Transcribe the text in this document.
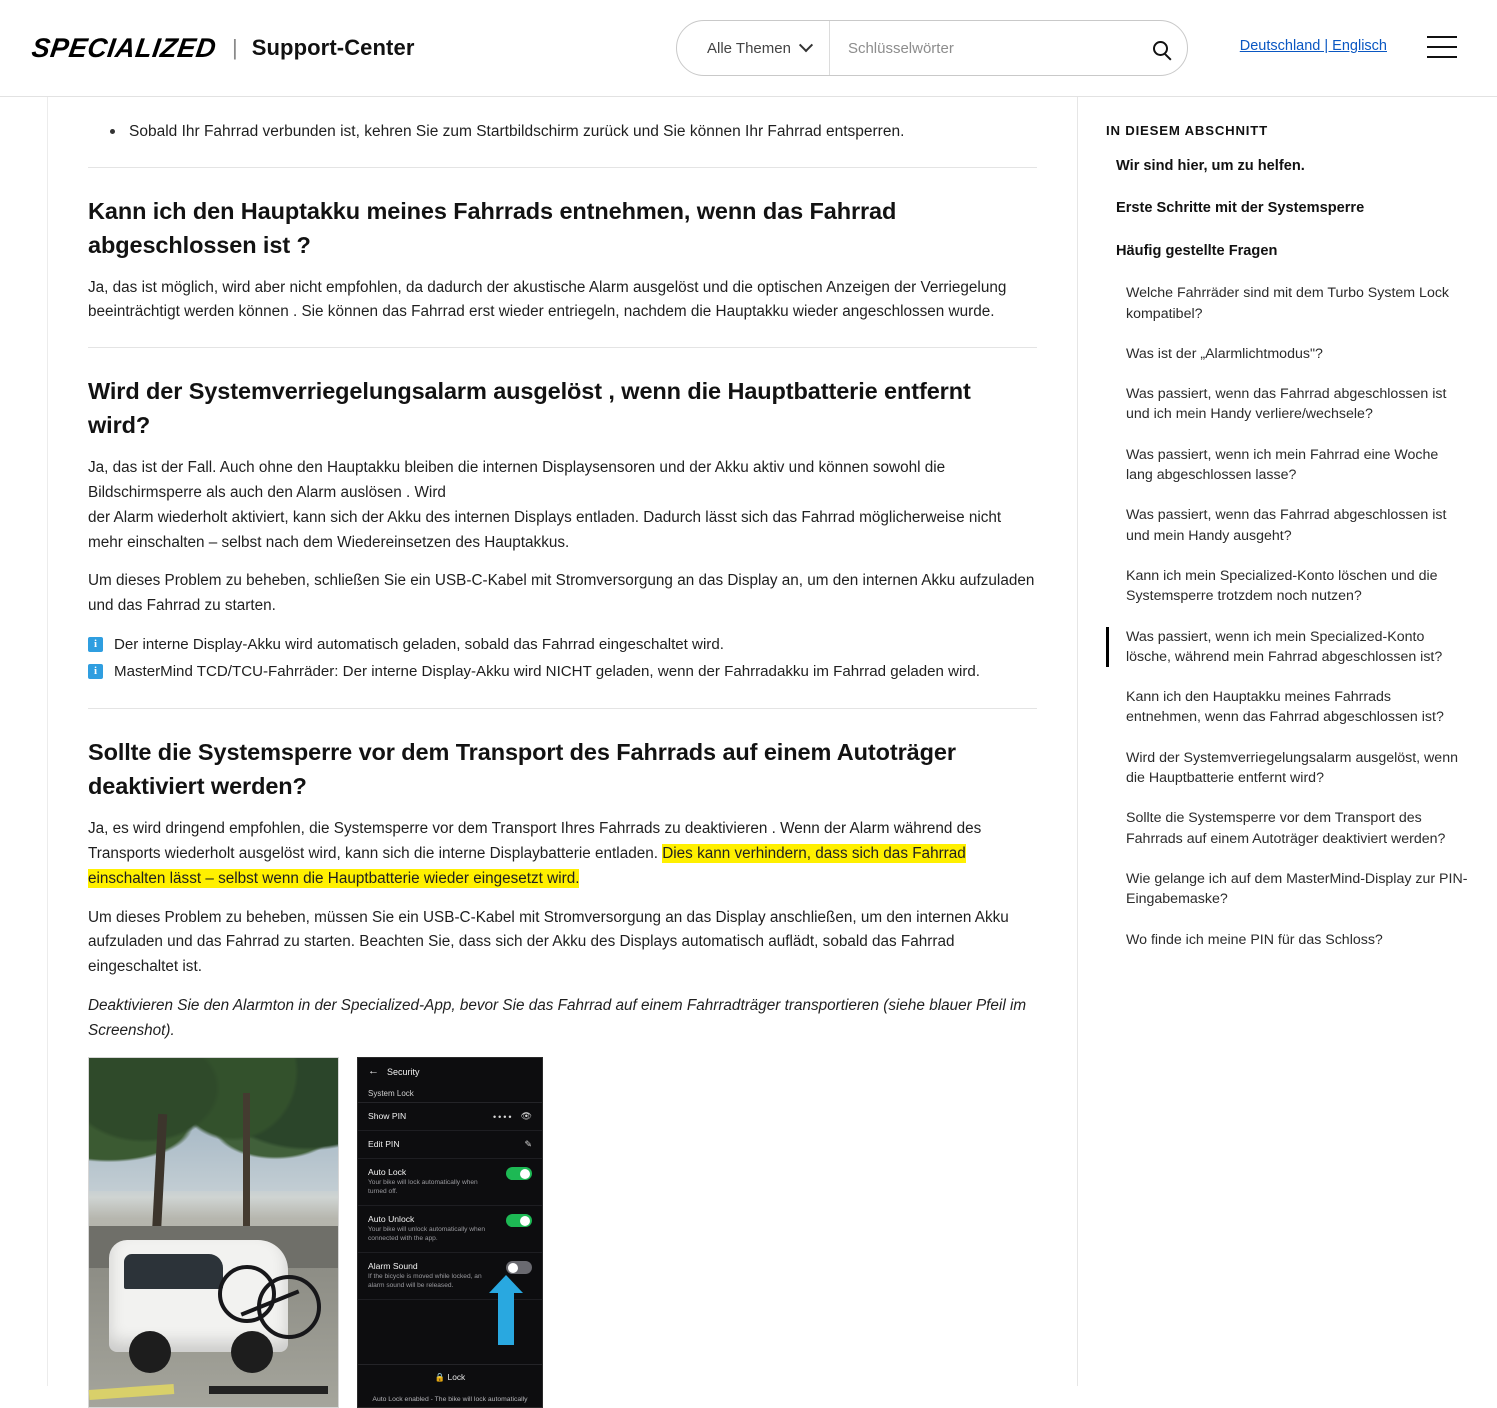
SPECIALIZED | Support-Center	Alle Themen
Schlüsselwörter	Deutschland | Englisch
Sobald Ihr Fahrrad verbunden ist, kehren Sie zum Startbildschirm zurück und Sie können Ihr Fahrrad entsperren.
Kann ich den Hauptakku meines Fahrrads entnehmen, wenn das Fahrrad abgeschlossen ist ?

Ja, das ist möglich, wird aber nicht empfohlen, da dadurch der akustische Alarm ausgelöst und die optischen Anzeigen der Verriegelung beeinträchtigt werden können . Sie können das Fahrrad erst wieder entriegeln, nachdem die Hauptakku wieder angeschlossen wurde.

Wird der Systemverriegelungsalarm ausgelöst , wenn die Hauptbatterie entfernt wird?

Ja, das ist der Fall. Auch ohne den Hauptakku bleiben die internen Displaysensoren und der Akku aktiv und können sowohl die Bildschirmsperre als auch den Alarm auslösen . Wird

der Alarm wiederholt aktiviert, kann sich der Akku des internen Displays entladen. Dadurch lässt sich das Fahrrad möglicherweise nicht mehr einschalten – selbst nach dem Wiedereinsetzen des Hauptakkus.

Um dieses Problem zu beheben, schließen Sie ein USB-C-Kabel mit Stromversorgung an das Display an, um den internen Akku aufzuladen und das Fahrrad zu starten.

i	Der interne Display-Akku wird automatisch geladen, sobald das Fahrrad eingeschaltet wird.
i	MasterMind TCD/TCU-Fahrräder: Der interne Display-Akku wird NICHT geladen, wenn der Fahrradakku im Fahrrad geladen wird.
Sollte die Systemsperre vor dem Transport des Fahrrads auf einem Autoträger deaktiviert werden?

Ja, es wird dringend empfohlen, die Systemsperre vor dem Transport Ihres Fahrrads zu deaktivieren . Wenn der Alarm während des Transports wiederholt ausgelöst wird, kann sich die interne Displaybatterie entladen. Dies kann verhindern, dass sich das Fahrrad einschalten lässt – selbst wenn die Hauptbatterie wieder eingesetzt wird.

Um dieses Problem zu beheben, müssen Sie ein USB-C-Kabel mit Stromversorgung an das Display anschließen, um den internen Akku aufzuladen und das Fahrrad zu starten. Beachten Sie, dass sich der Akku des Displays automatisch auflädt, sobald das Fahrrad eingeschaltet ist.

Deaktivieren Sie den Alarmton in der Specialized-App, bevor Sie das Fahrrad auf einem Fahrradträger transportieren (siehe blauer Pfeil im Screenshot).

← Security
System Lock
Show PIN	•••• 👁
Edit PIN	✎
Auto Lock
Your bike will lock automatically when turned off.
Auto Unlock
Your bike will unlock automatically when connected with the app.
Alarm Sound
If the bicycle is moved while locked, an alarm sound will be released.
🔒 Lock
Auto Lock enabled - The bike will lock automatically
IN DIESEM ABSCHNITT
Wir sind hier, um zu helfen.
Erste Schritte mit der Systemsperre
Häufig gestellte Fragen
Welche Fahrräder sind mit dem Turbo System Lock kompatibel?
Was ist der „Alarmlichtmodus"?
Was passiert, wenn das Fahrrad abgeschlossen ist und ich mein Handy verliere/wechsele?
Was passiert, wenn ich mein Fahrrad eine Woche lang abgeschlossen lasse?
Was passiert, wenn das Fahrrad abgeschlossen ist und mein Handy ausgeht?
Kann ich mein Specialized-Konto löschen und die Systemsperre trotzdem noch nutzen?
Was passiert, wenn ich mein Specialized-Konto lösche, während mein Fahrrad abgeschlossen ist?
Kann ich den Hauptakku meines Fahrrads entnehmen, wenn das Fahrrad abgeschlossen ist?
Wird der Systemverriegelungsalarm ausgelöst, wenn die Hauptbatterie entfernt wird?
Sollte die Systemsperre vor dem Transport des Fahrrads auf einem Autoträger deaktiviert werden?
Wie gelange ich auf dem MasterMind-Display zur PIN-Eingabemaske?
Wo finde ich meine PIN für das Schloss?
